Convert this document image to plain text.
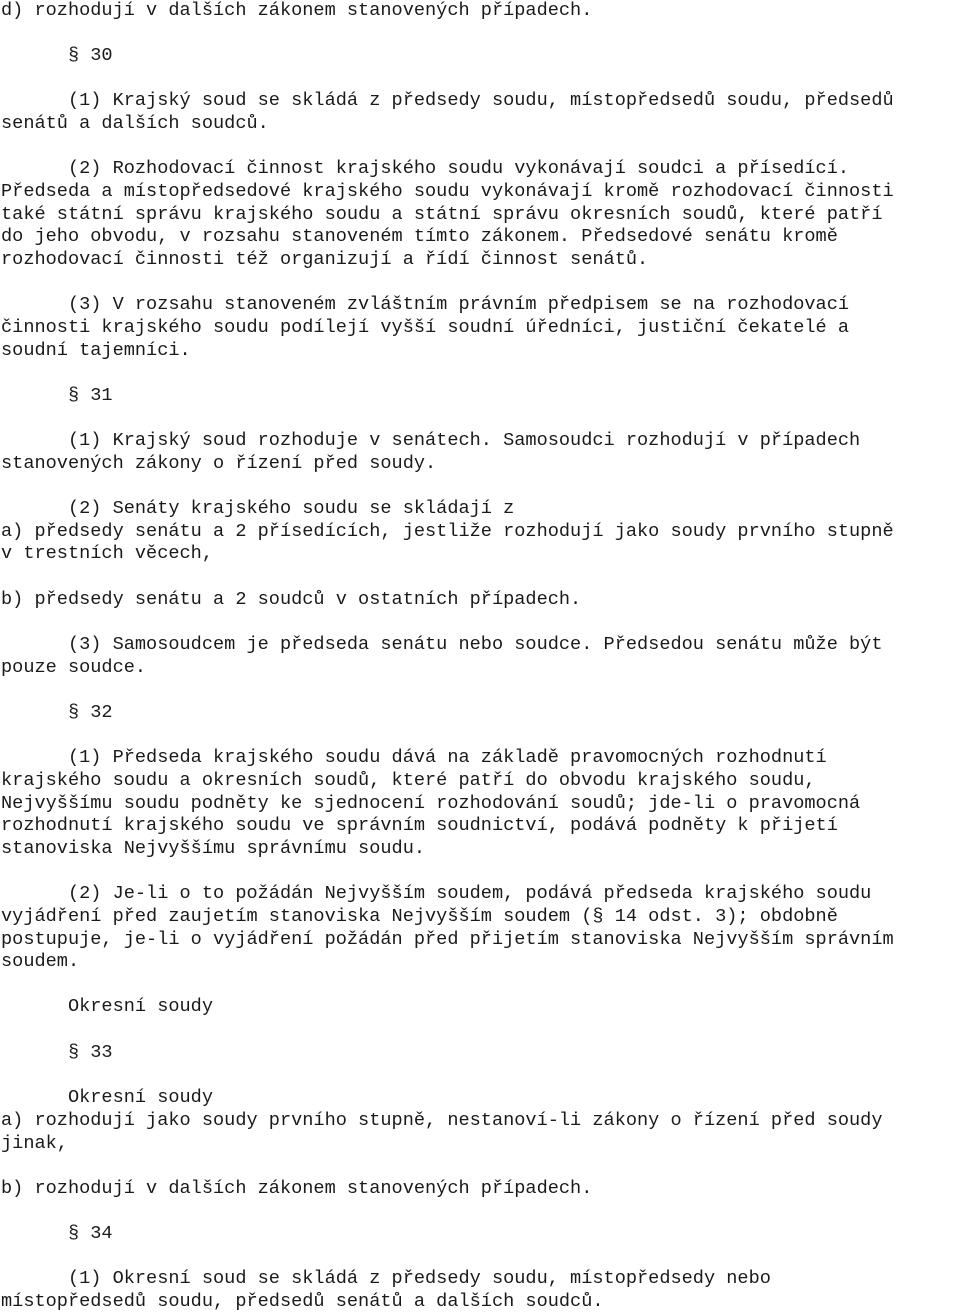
d) rozhodují v dalších zákonem stanovených případech.

§ 30

(1) Krajský soud se skládá z předsedy soudu, místopředsedů soudu, předsedů

senátů a dalších soudců.

(2) Rozhodovací činnost krajského soudu vykonávají soudci a přísedící.

Předseda a místopředsedové krajského soudu vykonávají kromě rozhodovací činnosti

také státní správu krajského soudu a státní správu okresních soudů, které patří

do jeho obvodu, v rozsahu stanoveném tímto zákonem. Předsedové senátu kromě

rozhodovací činnosti též organizují a řídí činnost senátů.

(3) V rozsahu stanoveném zvláštním právním předpisem se na rozhodovací

činnosti krajského soudu podílejí vyšší soudní úředníci, justiční čekatelé a

soudní tajemníci.

§ 31

(1) Krajský soud rozhoduje v senátech. Samosoudci rozhodují v případech

stanovených zákony o řízení před soudy.

(2) Senáty krajského soudu se skládají z

a) předsedy senátu a 2 přísedících, jestliže rozhodují jako soudy prvního stupně

v trestních věcech,

b) předsedy senátu a 2 soudců v ostatních případech.

(3) Samosoudcem je předseda senátu nebo soudce. Předsedou senátu může být

pouze soudce.

§ 32

(1) Předseda krajského soudu dává na základě pravomocných rozhodnutí

krajského soudu a okresních soudů, které patří do obvodu krajského soudu,

Nejvyššímu soudu podněty ke sjednocení rozhodování soudů; jde-li o pravomocná

rozhodnutí krajského soudu ve správním soudnictví, podává podněty k přijetí

stanoviska Nejvyššímu správnímu soudu.

(2) Je-li o to požádán Nejvyšším soudem, podává předseda krajského soudu

vyjádření před zaujetím stanoviska Nejvyšším soudem (§ 14 odst. 3); obdobně

postupuje, je-li o vyjádření požádán před přijetím stanoviska Nejvyšším správním

soudem.

Okresní soudy

§ 33

Okresní soudy

a) rozhodují jako soudy prvního stupně, nestanoví-li zákony o řízení před soudy

jinak,

b) rozhodují v dalších zákonem stanovených případech.

§ 34

(1) Okresní soud se skládá z předsedy soudu, místopředsedy nebo

místopředsedů soudu, předsedů senátů a dalších soudců.
